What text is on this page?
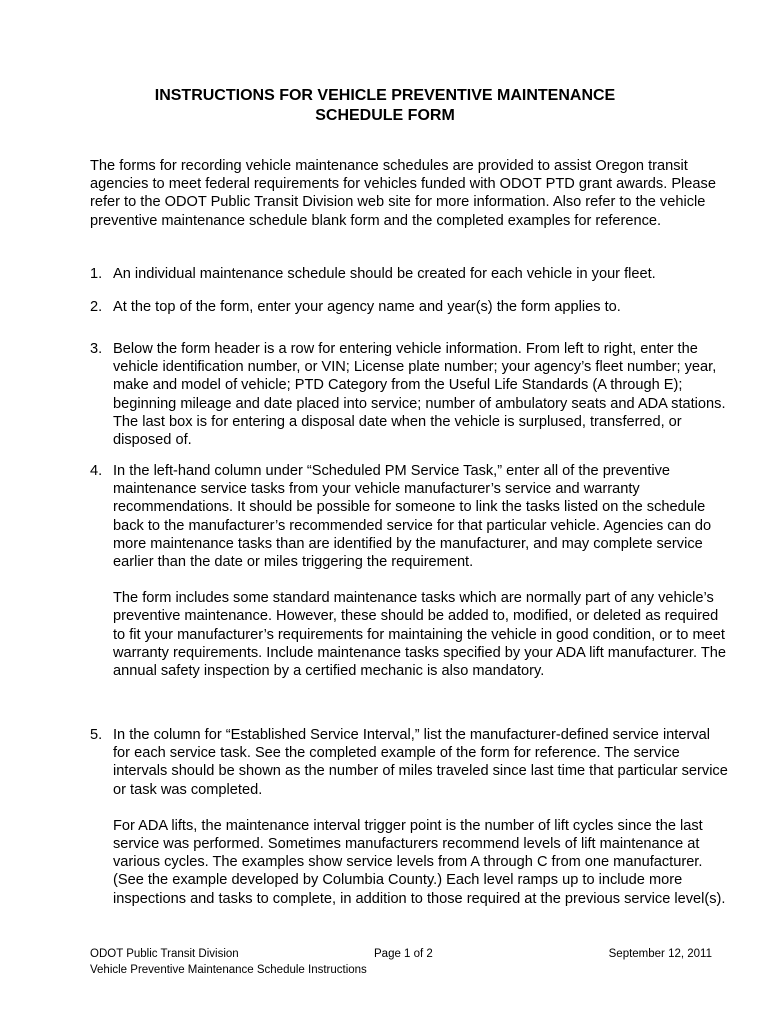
INSTRUCTIONS FOR VEHICLE PREVENTIVE MAINTENANCE
SCHEDULE FORM

The forms for recording vehicle maintenance schedules are provided to assist Oregon transit agencies to meet federal requirements for vehicles funded with ODOT PTD grant awards. Please refer to the ODOT Public Transit Division web site for more information. Also refer to the vehicle preventive maintenance schedule blank form and the completed examples for reference.

1. An individual maintenance schedule should be created for each vehicle in your fleet.

2. At the top of the form, enter your agency name and year(s) the form applies to.

3. Below the form header is a row for entering vehicle information. From left to right, enter the vehicle identification number, or VIN; License plate number; your agency’s fleet number; year, make and model of vehicle; PTD Category from the Useful Life Standards (A through E); beginning mileage and date placed into service; number of ambulatory seats and ADA stations. The last box is for entering a disposal date when the vehicle is surplused, transferred, or disposed of.

4. In the left-hand column under “Scheduled PM Service Task,” enter all of the preventive maintenance service tasks from your vehicle manufacturer’s service and warranty recommendations. It should be possible for someone to link the tasks listed on the schedule back to the manufacturer’s recommended service for that particular vehicle. Agencies can do more maintenance tasks than are identified by the manufacturer, and may complete service earlier than the date or miles triggering the requirement.

The form includes some standard maintenance tasks which are normally part of any vehicle’s preventive maintenance. However, these should be added to, modified, or deleted as required to fit your manufacturer’s requirements for maintaining the vehicle in good condition, or to meet warranty requirements. Include maintenance tasks specified by your ADA lift manufacturer. The annual safety inspection by a certified mechanic is also mandatory.

5. In the column for “Established Service Interval,” list the manufacturer-defined service interval for each service task. See the completed example of the form for reference. The service intervals should be shown as the number of miles traveled since last time that particular service or task was completed.

For ADA lifts, the maintenance interval trigger point is the number of lift cycles since the last service was performed. Sometimes manufacturers recommend levels of lift maintenance at various cycles. The examples show service levels from A through C from one manufacturer. (See the example developed by Columbia County.) Each level ramps up to include more inspections and tasks to complete, in addition to those required at the previous service level(s).

ODOT Public Transit Division	Page 1 of 2	September 12, 2011
Vehicle Preventive Maintenance Schedule Instructions
